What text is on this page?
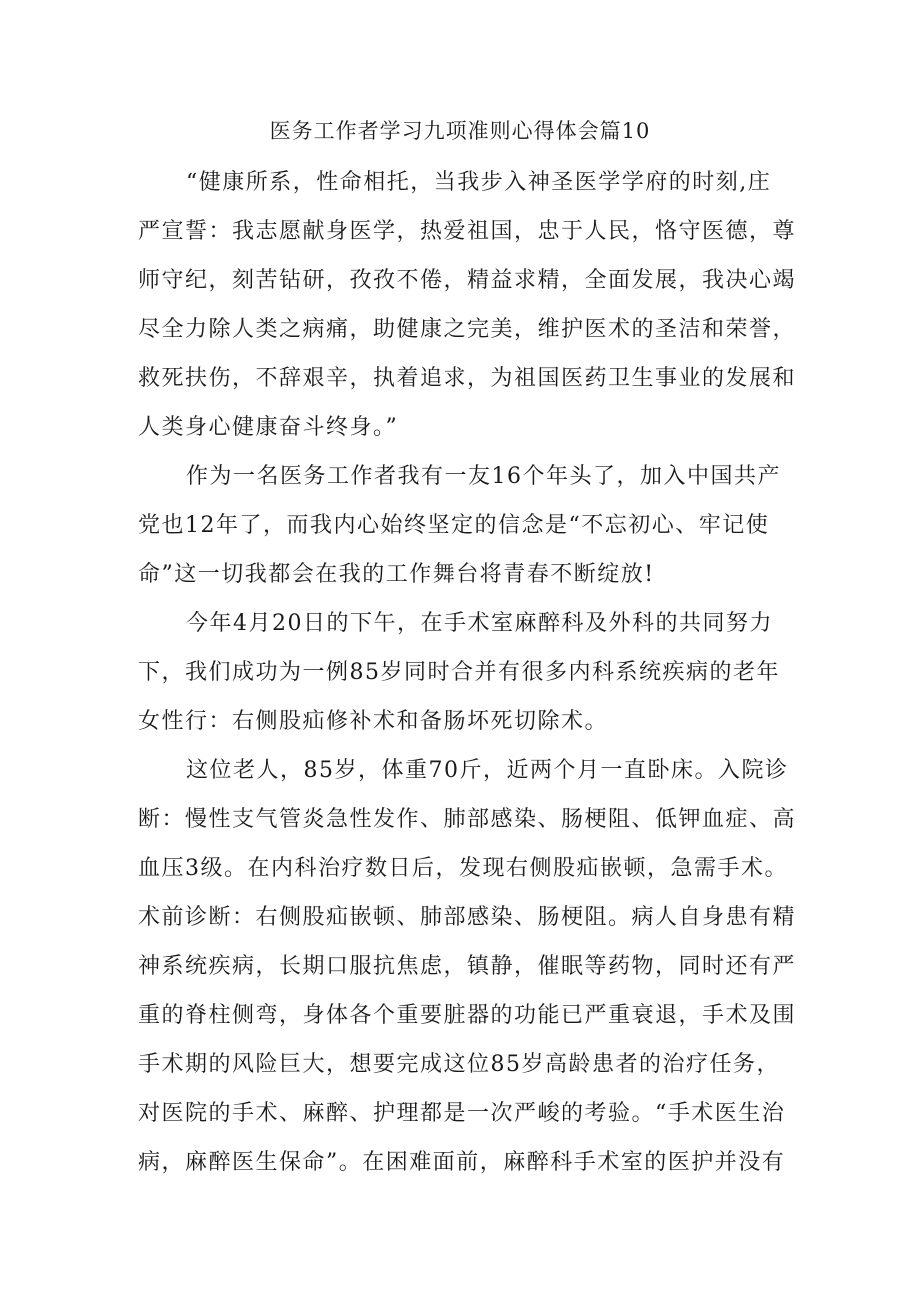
医务工作者学习九项准则心得体会篇10
“健康所系，性命相托，当我步入神圣医学学府的时刻,庄
严宣誓：我志愿献身医学，热爱祖国，忠于人民，恪守医德，尊
师守纪，刻苦钻研，孜孜不倦，精益求精，全面发展，我决心竭
尽全力除人类之病痛，助健康之完美，维护医术的圣洁和荣誉，
救死扶伤，不辞艰辛，执着追求，为祖国医药卫生事业的发展和
人类身心健康奋斗终身。”
作为一名医务工作者我有一友16个年头了，加入中国共产
党也12年了，而我内心始终坚定的信念是“不忘初心、牢记使
命”这一切我都会在我的工作舞台将青春不断绽放!
今年4月20日的下午，在手术室麻醉科及外科的共同努力
下，我们成功为一例85岁同时合并有很多内科系统疾病的老年
女性行：右侧股疝修补术和备肠坏死切除术。
这位老人，85岁，体重70斤，近两个月一直卧床。入院诊
断：慢性支气管炎急性发作、肺部感染、肠梗阻、低钾血症、高
血压3级。在内科治疗数日后，发现右侧股疝嵌顿，急需手术。
术前诊断：右侧股疝嵌顿、肺部感染、肠梗阻。病人自身患有精
神系统疾病，长期口服抗焦虑，镇静，催眠等药物，同时还有严
重的脊柱侧弯，身体各个重要脏器的功能已严重衰退，手术及围
手术期的风险巨大，想要完成这位85岁高龄患者的治疗任务，
对医院的手术、麻醉、护理都是一次严峻的考验。“手术医生治
病，麻醉医生保命”。在困难面前，麻醉科手术室的医护并没有
